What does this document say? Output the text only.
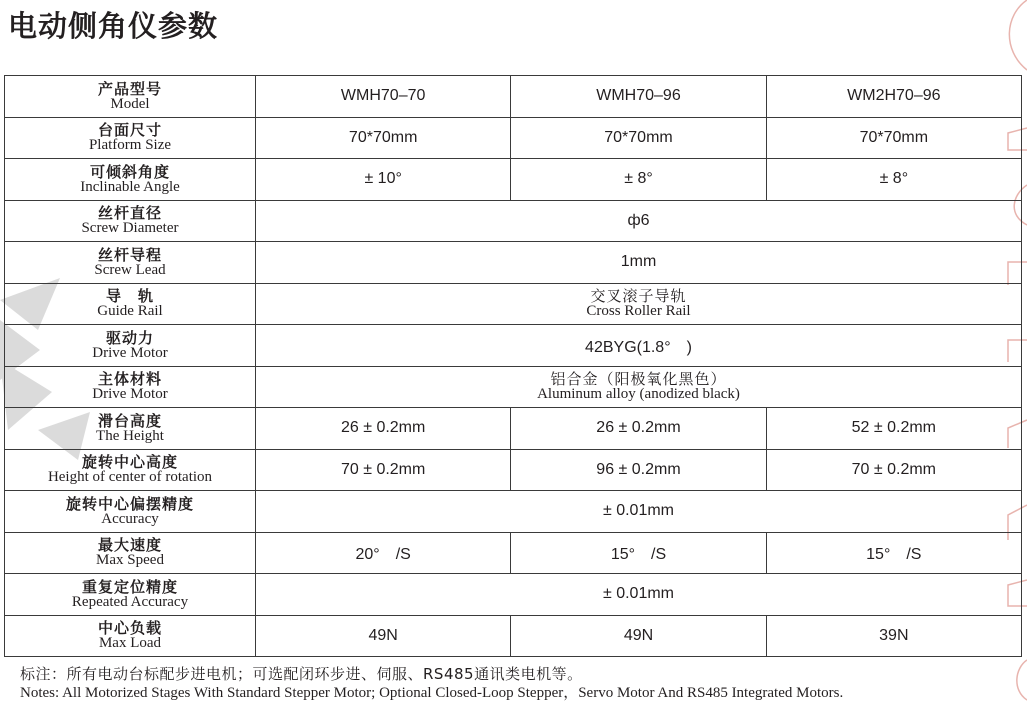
电动侧角仪参数
产品型号
Model	WMH70–70	WMH70–96	WM2H70–96

台面尺寸
Platform Size	70*70mm	70*70mm	70*70mm

可倾斜角度
Inclinable Angle	± 10°	± 8°	± 8°

丝杆直径
Screw Diameter	ф6		

丝杆导程
Screw Lead	1mm		

导　轨
Guide Rail	交叉滚子导轨
Cross Roller Rail		

驱动力
Drive Motor	42BYG(1.8°　)		

主体材料
Drive Motor	铝合金（阳极氧化黑色）
Aluminum alloy (anodized black)		

滑台高度
The Height	26 ± 0.2mm	26 ± 0.2mm	52 ± 0.2mm

旋转中心高度
Height of center of rotation	70 ± 0.2mm	96 ± 0.2mm	70 ± 0.2mm

旋转中心偏摆精度
Accuracy	± 0.01mm		

最大速度
Max Speed	20°　/S	15°　/S	15°　/S

重复定位精度
Repeated Accuracy	± 0.01mm		

中心负载
Max Load	49N	49N	39N
标注：所有电动台标配步进电机；可选配闭环步进、伺服、RS485通讯类电机等。
Notes: All Motorized Stages With Standard Stepper Motor; Optional Closed-Loop Stepper，Servo Motor And RS485 Integrated Motors.
